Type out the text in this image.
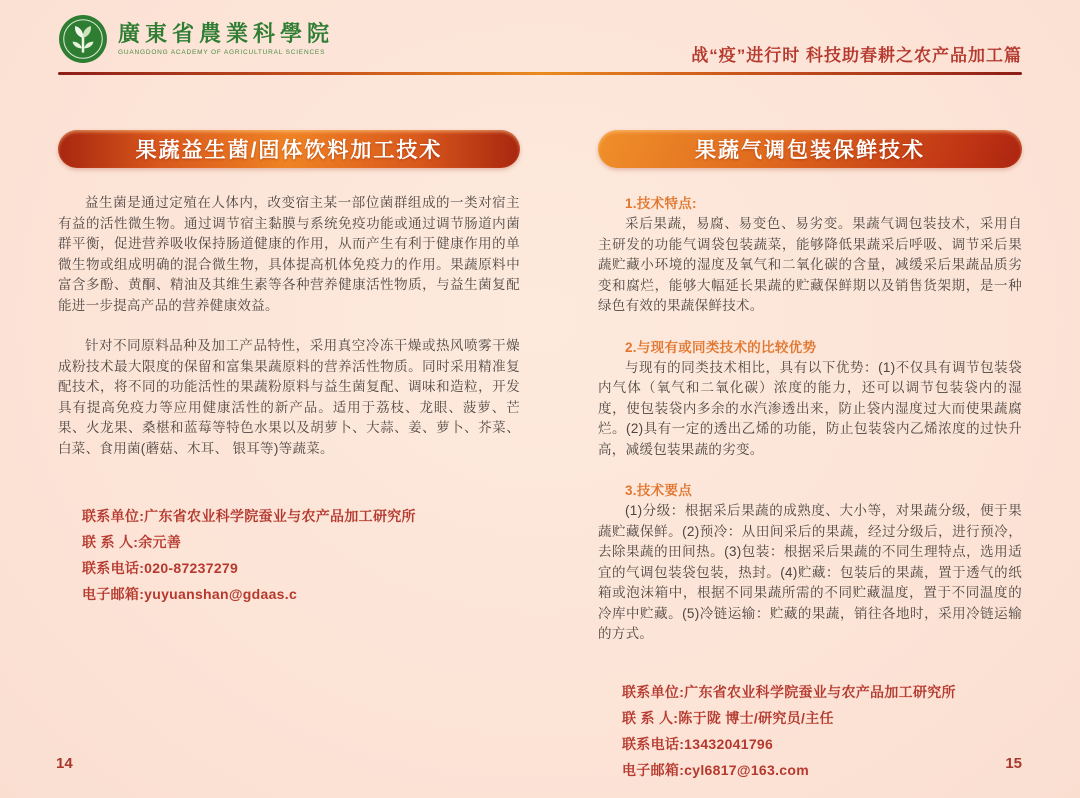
廣東省農業科學院
GUANGDONG ACADEMY OF AGRICULTURAL SCIENCES	战“疫”进行时 科技助春耕之农产品加工篇
果蔬益生菌/固体饮料加工技术

益生菌是通过定殖在人体内，改变宿主某一部位菌群组成的一类对宿主有益的活性微生物。通过调节宿主黏膜与系统免疫功能或通过调节肠道内菌群平衡，促进营养吸收保持肠道健康的作用，从而产生有利于健康作用的单微生物或组成明确的混合微生物，具体提高机体免疫力的作用。果蔬原料中富含多酚、黄酮、精油及其维生素等各种营养健康活性物质，与益生菌复配能进一步提高产品的营养健康效益。

针对不同原料品种及加工产品特性，采用真空冷冻干燥或热风喷雾干燥成粉技术最大限度的保留和富集果蔬原料的营养活性物质。同时采用精准复配技术，将不同的功能活性的果蔬粉原料与益生菌复配、调味和造粒，开发具有提高免疫力等应用健康活性的新产品。适用于荔枝、龙眼、菠萝、芒果、火龙果、桑椹和蓝莓等特色水果以及胡萝卜、大蒜、姜、萝卜、芥菜、白菜、食用菌(蘑菇、木耳、 银耳等)等蔬菜。

联系单位:广东省农业科学院蚕业与农产品加工研究所
联 系 人:余元善
联系电话:020-87237279
电子邮箱:yuyuanshan@gdaas.c
果蔬气调包装保鲜技术
1.技术特点:

采后果蔬，易腐、易变色、易劣变。果蔬气调包装技术，采用自主研发的功能气调袋包装蔬菜，能够降低果蔬采后呼吸、调节采后果蔬贮藏小环境的湿度及氧气和二氧化碳的含量，减缓采后果蔬品质劣变和腐烂，能够大幅延长果蔬的贮藏保鲜期以及销售货架期，是一种绿色有效的果蔬保鲜技术。

2.与现有或同类技术的比较优势

与现有的同类技术相比，具有以下优势：(1)不仅具有调节包装袋内气体（氧气和二氧化碳）浓度的能力，还可以调节包装袋内的湿度，使包装袋内多余的水汽渗透出来，防止袋内湿度过大而使果蔬腐烂。(2)具有一定的透出乙烯的功能，防止包装袋内乙烯浓度的过快升高，减缓包装果蔬的劣变。

3.技术要点

(1)分级：根据采后果蔬的成熟度、大小等，对果蔬分级，便于果蔬贮藏保鲜。(2)预冷：从田间采后的果蔬，经过分级后，进行预冷，去除果蔬的田间热。(3)包装：根据采后果蔬的不同生理特点，选用适宜的气调包装袋包装，热封。(4)贮藏：包装后的果蔬，置于透气的纸箱或泡沫箱中，根据不同果蔬所需的不同贮藏温度，置于不同温度的冷库中贮藏。(5)冷链运输：贮藏的果蔬，销往各地时，采用冷链运输的方式。

联系单位:广东省农业科学院蚕业与农产品加工研究所
联 系 人:陈于陇 博士/研究员/主任
联系电话:13432041796
电子邮箱:cyl6817@163.com
14	15
